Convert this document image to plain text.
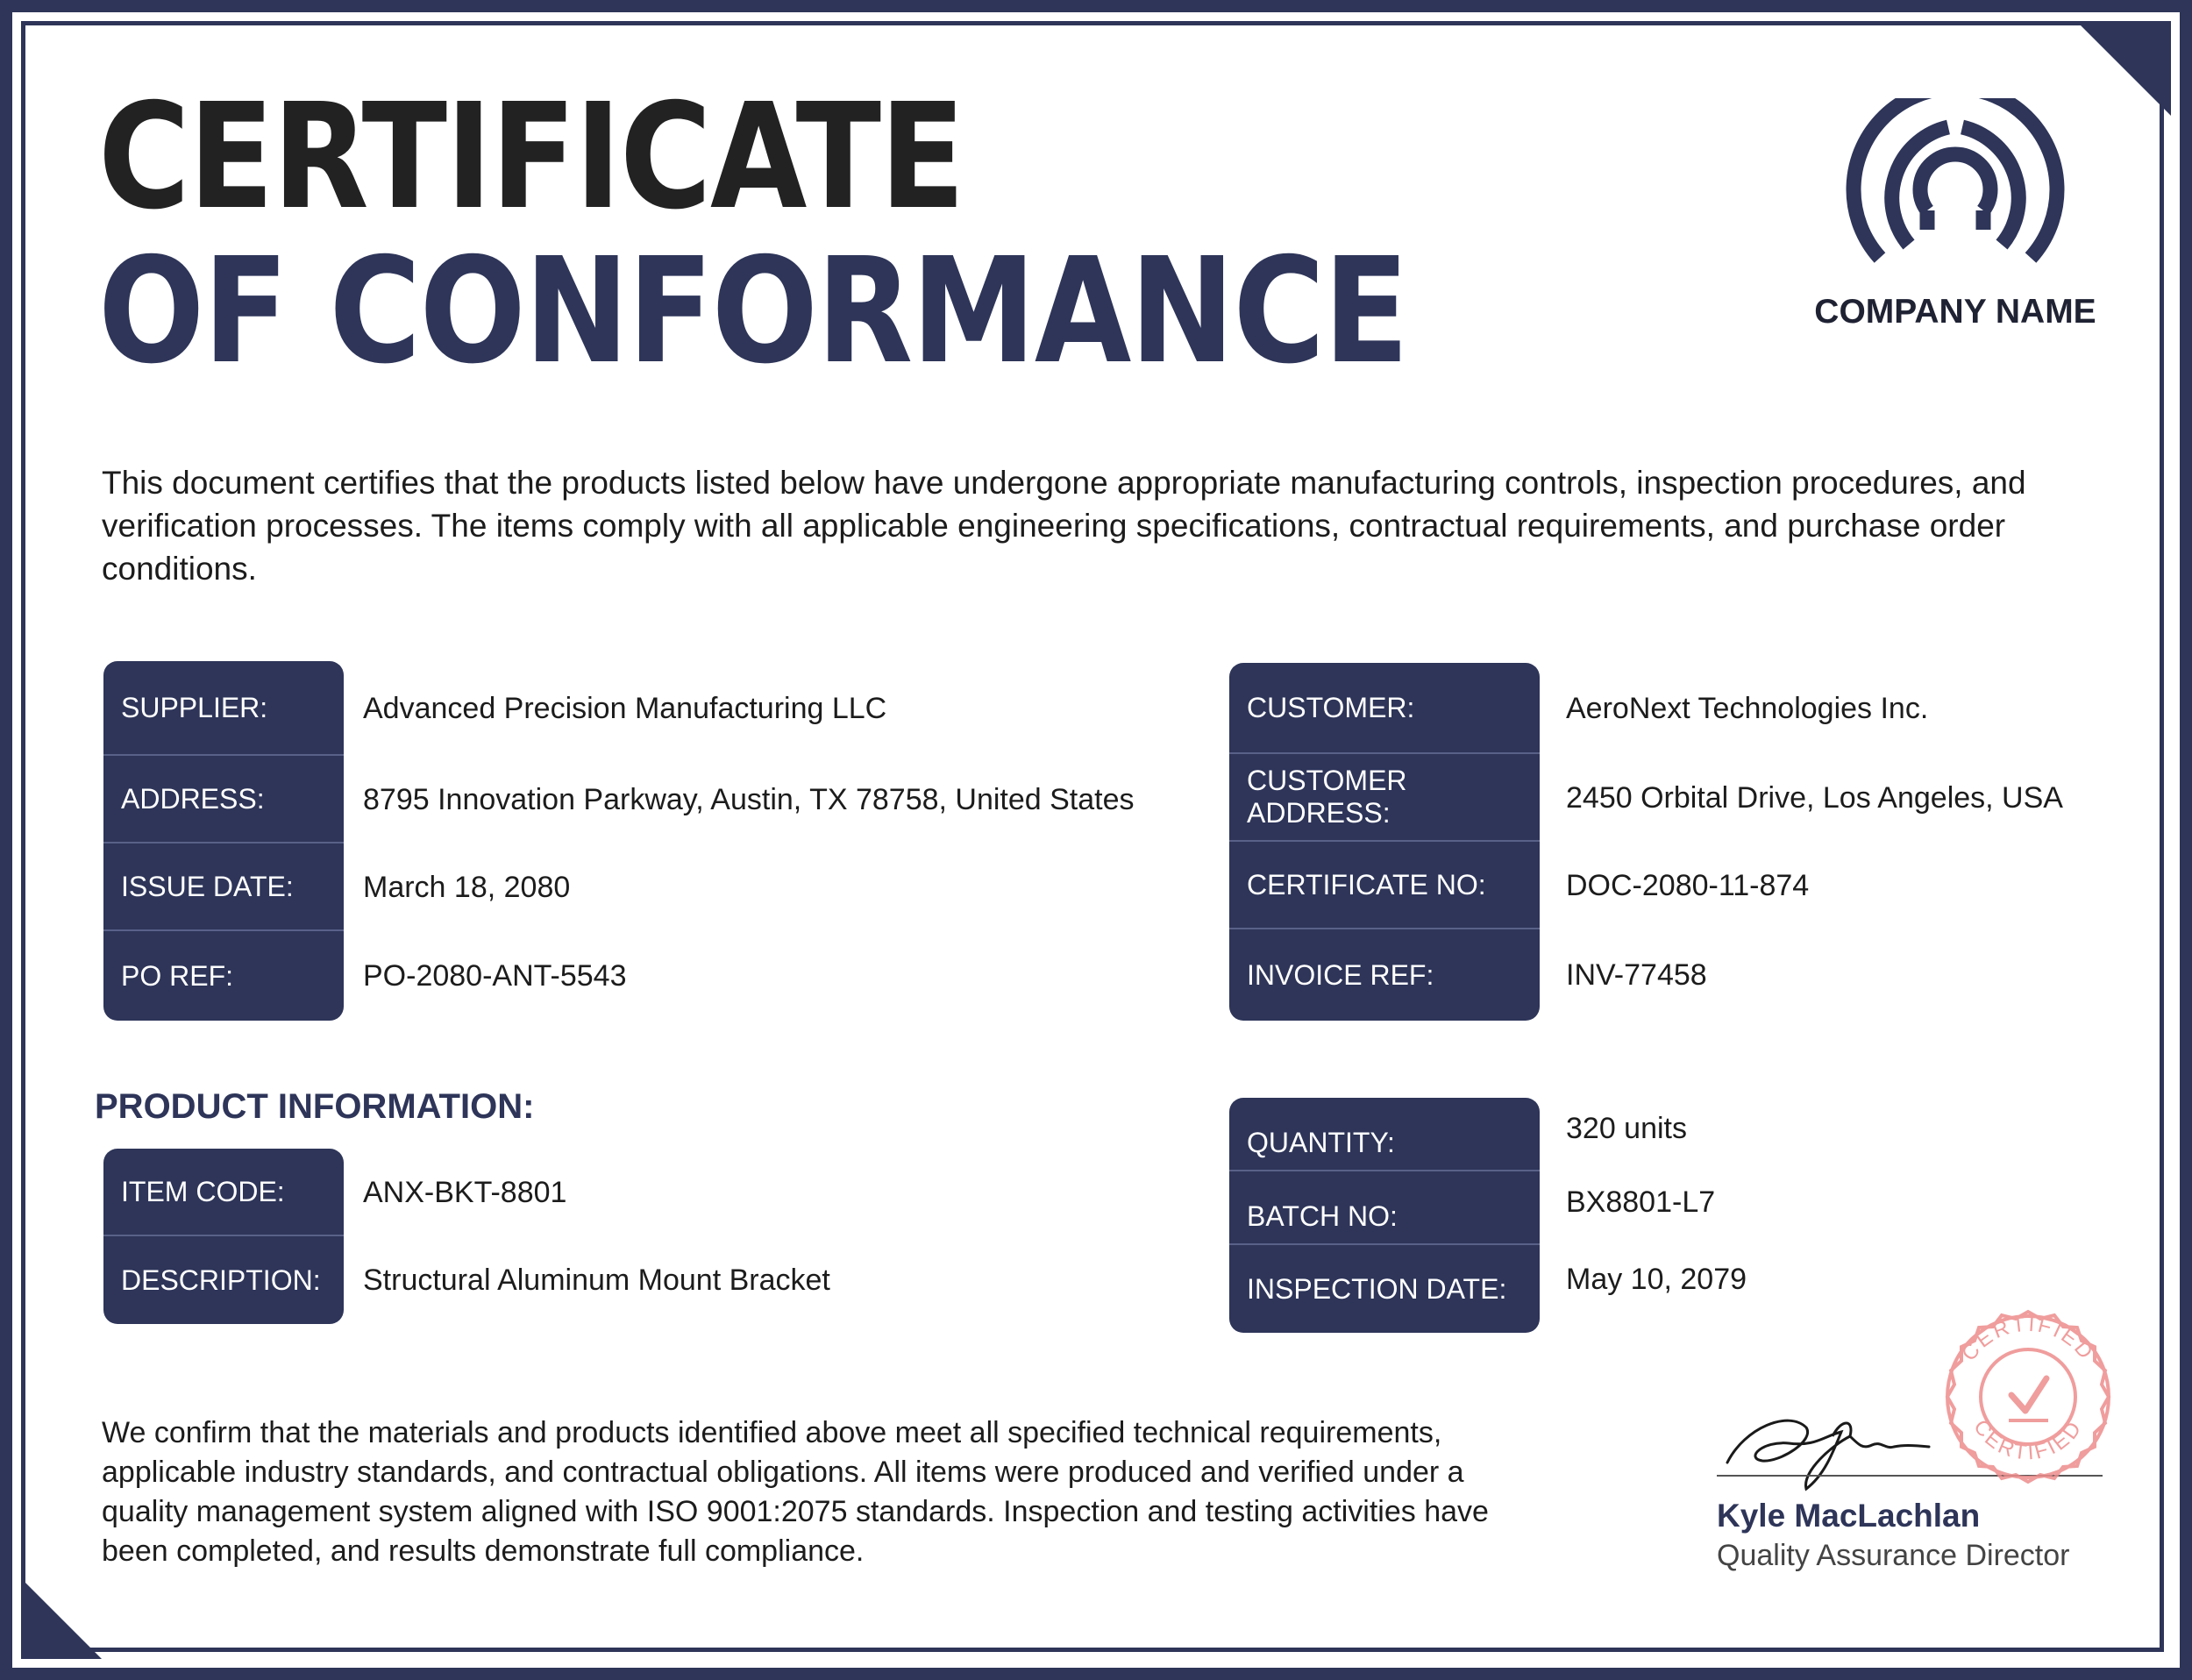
CERTIFICATE
OF CONFORMANCE	COMPANY NAME

This document certifies that the products listed below have undergone appropriate manufacturing controls, inspection procedures, and verification processes. The items comply with all applicable engineering specifications, contractual requirements, and purchase order conditions.

SUPPLIER:	Advanced Precision Manufacturing LLC
ADDRESS:	8795 Innovation Parkway, Austin, TX 78758, United States
ISSUE DATE:	March 18, 2080
PO REF:	PO-2080-ANT-5543
CUSTOMER:	AeroNext Technologies Inc.
CUSTOMER ADDRESS:	2450 Orbital Drive, Los Angeles, USA
CERTIFICATE NO:	DOC-2080-11-874
INVOICE REF:	INV-77458
PRODUCT INFORMATION:
ITEM CODE:	ANX-BKT-8801
DESCRIPTION:	Structural Aluminum Mount Bracket
QUANTITY:	320 units
BATCH NO:	BX8801-L7
INSPECTION DATE:	May 10, 2079

We confirm that the materials and products identified above meet all specified technical requirements, applicable industry standards, and contractual obligations. All items were produced and verified under a quality management system aligned with ISO 9001:2075 standards. Inspection and testing activities have been completed, and results demonstrate full compliance.

Kyle MacLachlan
Quality Assurance Director
CERTIFIED
CERTIFIED
